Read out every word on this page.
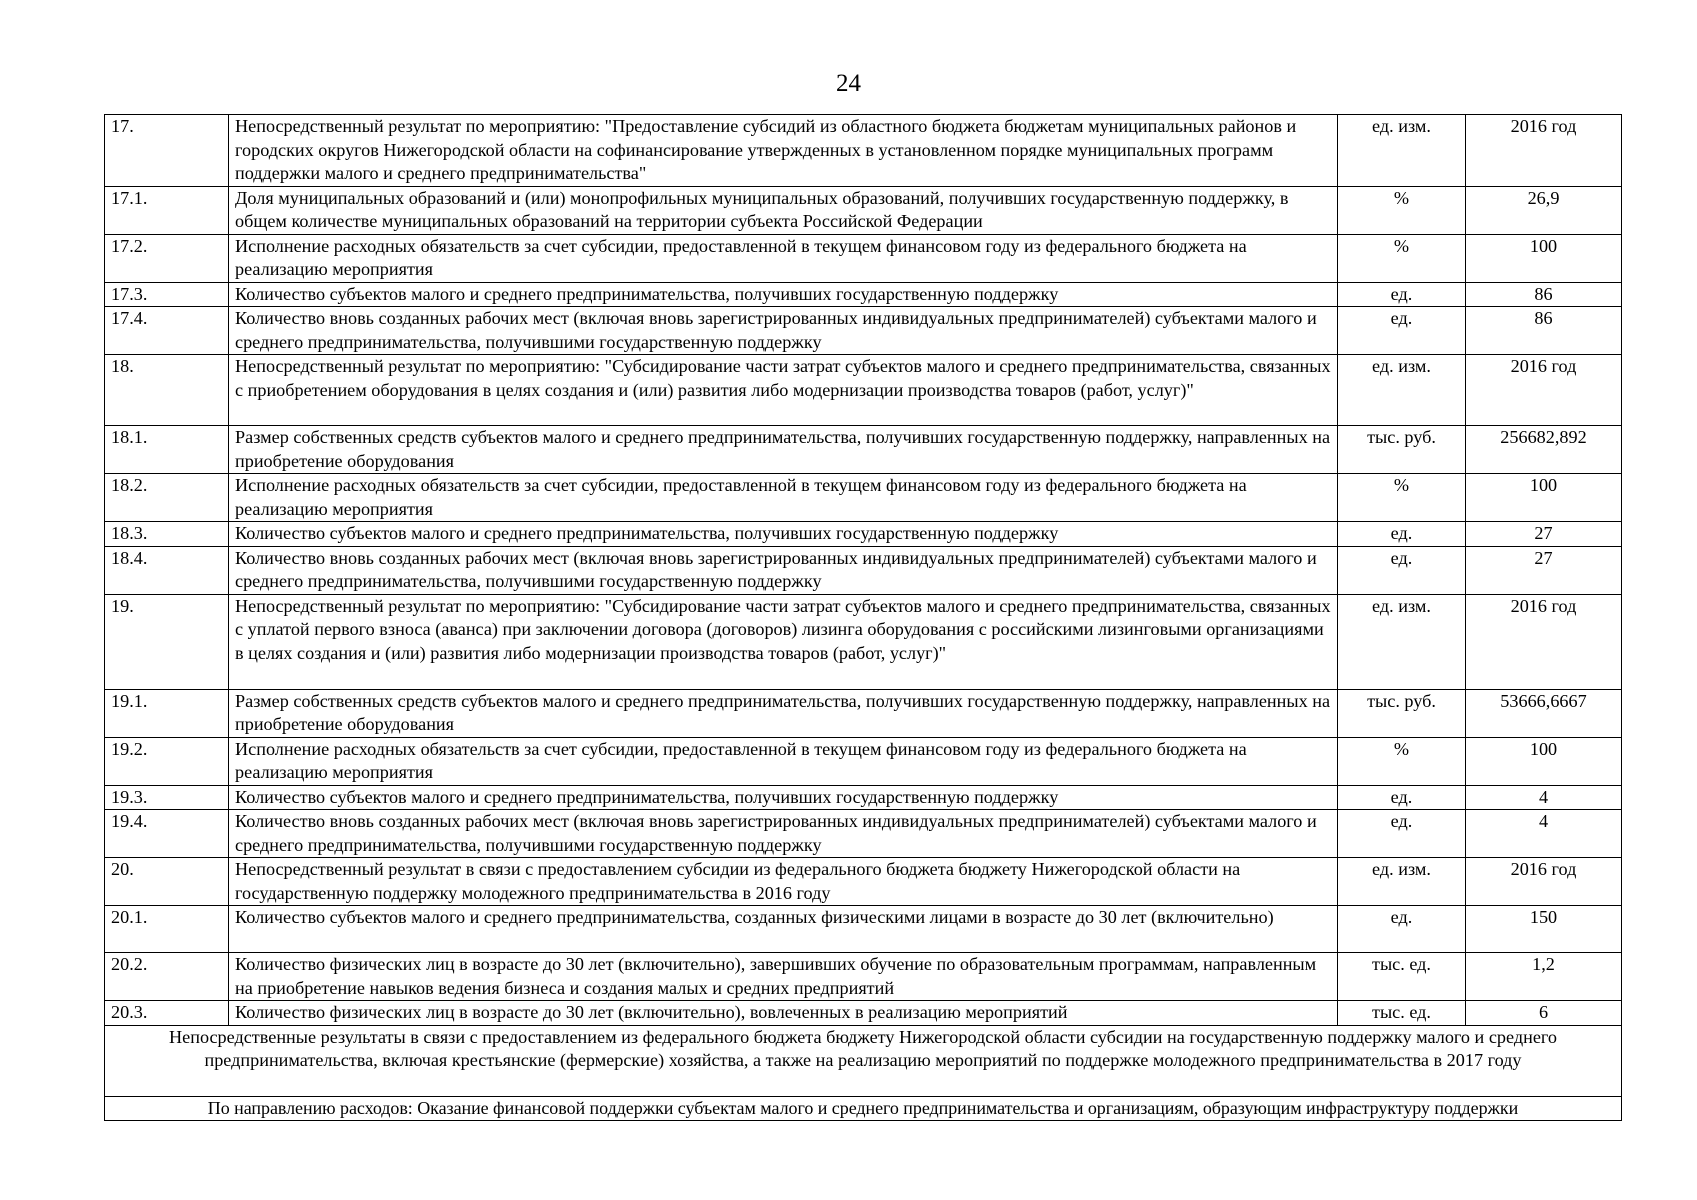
24
17.	Непосредственный результат по мероприятию: "Предоставление субсидий из областного бюджета бюджетам муниципальных районов и городских округов Нижегородской области на софинансирование утвержденных в установленном порядке муниципальных программ поддержки малого и среднего предпринимательства"	ед. изм.	2016 год
17.1.	Доля муниципальных образований и (или) монопрофильных муниципальных образований, получивших государственную поддержку, в общем количестве муниципальных образований на территории субъекта Российской Федерации	%	26,9
17.2.	Исполнение расходных обязательств за счет субсидии, предоставленной в текущем финансовом году из федерального бюджета на реализацию мероприятия	%	100
17.3.	Количество субъектов малого и среднего предпринимательства, получивших государственную поддержку	ед.	86
17.4.	Количество вновь созданных рабочих мест (включая вновь зарегистрированных индивидуальных предпринимателей) субъектами малого и среднего предпринимательства, получившими государственную поддержку	ед.	86
18.	Непосредственный результат по мероприятию: "Субсидирование части затрат субъектов малого и среднего предпринимательства, связанных с приобретением оборудования в целях создания и (или) развития либо модернизации производства товаров (работ, услуг)"	ед. изм.	2016 год
18.1.	Размер собственных средств субъектов малого и среднего предпринимательства, получивших государственную поддержку, направленных на приобретение оборудования	тыс. руб.	256682,892
18.2.	Исполнение расходных обязательств за счет субсидии, предоставленной в текущем финансовом году из федерального бюджета на реализацию мероприятия	%	100
18.3.	Количество субъектов малого и среднего предпринимательства, получивших государственную поддержку	ед.	27
18.4.	Количество вновь созданных рабочих мест (включая вновь зарегистрированных индивидуальных предпринимателей) субъектами малого и среднего предпринимательства, получившими государственную поддержку	ед.	27
19.	Непосредственный результат по мероприятию: "Субсидирование части затрат субъектов малого и среднего предпринимательства, связанных с уплатой первого взноса (аванса) при заключении договора (договоров) лизинга оборудования с российскими лизинговыми организациями в целях создания и (или) развития либо модернизации производства товаров (работ, услуг)"	ед. изм.	2016 год
19.1.	Размер собственных средств субъектов малого и среднего предпринимательства, получивших государственную поддержку, направленных на приобретение оборудования	тыс. руб.	53666,6667
19.2.	Исполнение расходных обязательств за счет субсидии, предоставленной в текущем финансовом году из федерального бюджета на реализацию мероприятия	%	100
19.3.	Количество субъектов малого и среднего предпринимательства, получивших государственную поддержку	ед.	4
19.4.	Количество вновь созданных рабочих мест (включая вновь зарегистрированных индивидуальных предпринимателей) субъектами малого и среднего предпринимательства, получившими государственную поддержку	ед.	4
20.	Непосредственный результат в связи с предоставлением субсидии из федерального бюджета бюджету Нижегородской области на государственную поддержку молодежного предпринимательства в 2016 году	ед. изм.	2016 год
20.1.	Количество субъектов малого и среднего предпринимательства, созданных физическими лицами в возрасте до 30 лет (включительно)	ед.	150
20.2.	Количество физических лиц в возрасте до 30 лет (включительно), завершивших обучение по образовательным программам, направленным на приобретение навыков ведения бизнеса и создания малых и средних предприятий	тыс. ед.	1,2
20.3.	Количество физических лиц в возрасте до 30 лет (включительно), вовлеченных в реализацию мероприятий	тыс. ед.	6
Непосредственные результаты в связи с предоставлением из федерального бюджета бюджету Нижегородской области субсидии на государственную поддержку малого и среднего предпринимательства, включая крестьянские (фермерские) хозяйства, а также на реализацию мероприятий по поддержке молодежного предпринимательства в 2017 году			
По направлению расходов: Оказание финансовой поддержки субъектам малого и среднего предпринимательства и организациям, образующим инфраструктуру поддержки			
